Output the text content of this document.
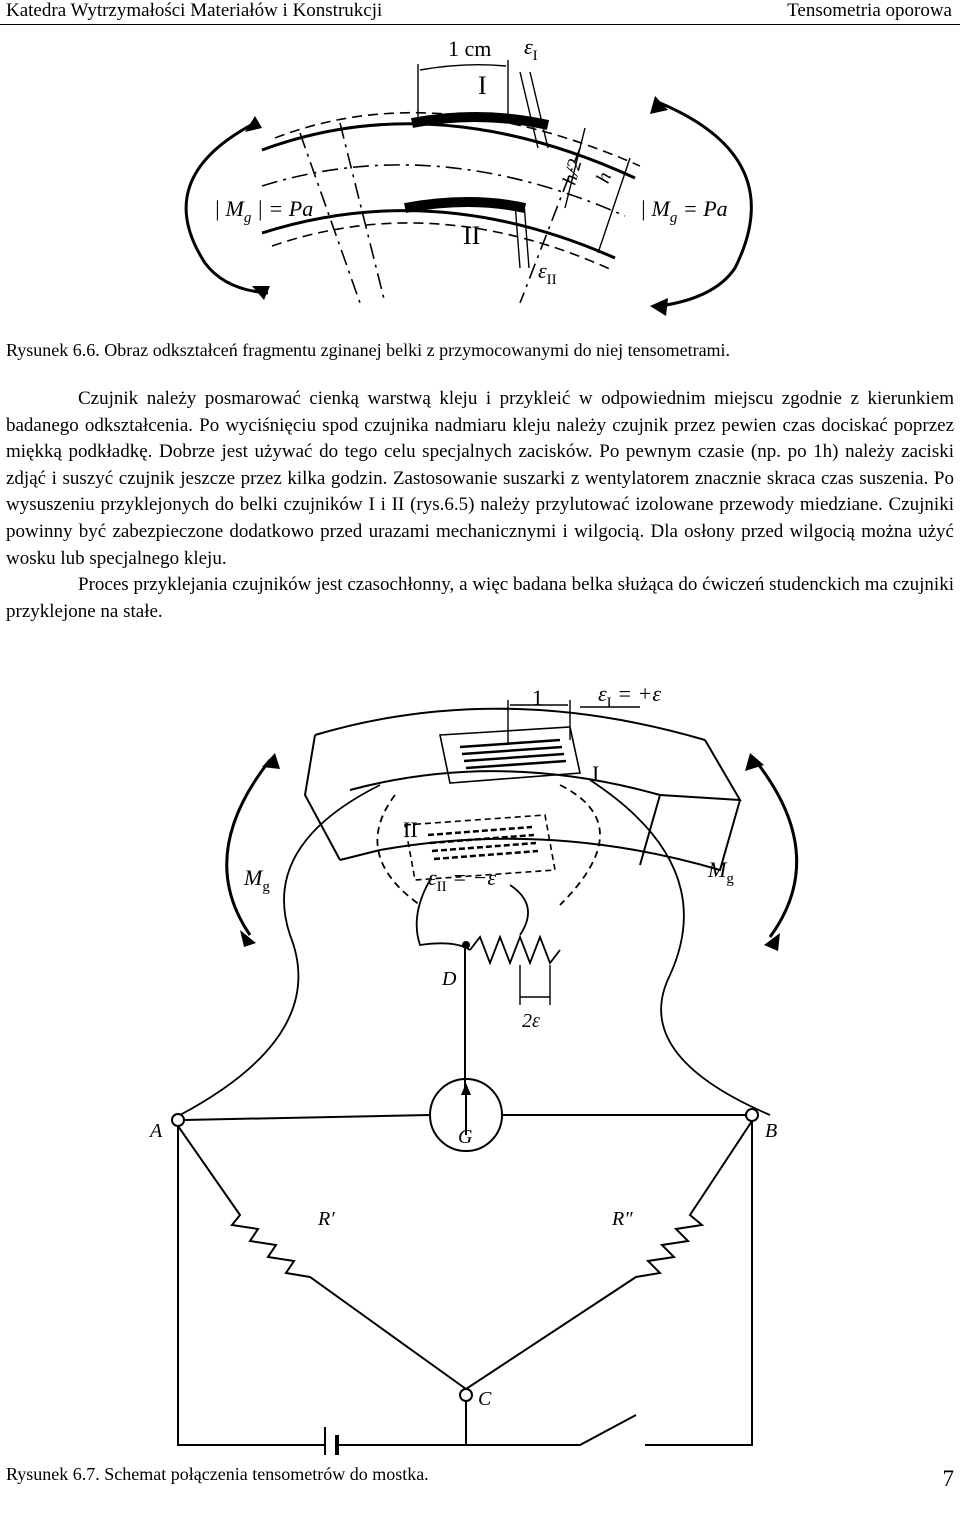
Katedra Wytrzymałości Materiałów i Konstrukcji	Tensometria oporowa
1 cm $\varepsilon_I$
I
II
h/2 h
$\varepsilon_{II}$
| $M_g$ | = Pa	| $M_g = Pa$
Rysunek 6.6. Obraz odkształceń fragmentu zginanej belki z przymocowanymi do niej tensometrami.

Czujnik należy posmarować cienką warstwą kleju i przykleić w odpowiednim miejscu zgodnie z kierunkiem badanego odkształcenia. Po wyciśnięciu spod czujnika nadmiaru kleju należy czujnik przez pewien czas dociskać poprzez miękką podkładkę. Dobrze jest używać do tego celu specjalnych zacisków. Po pewnym czasie (np. po 1h) należy zaciski zdjąć i suszyć czujnik jeszcze przez kilka godzin. Zastosowanie suszarki z wentylatorem znacznie skraca czas suszenia. Po wysuszeniu przyklejonych do belki czujników I i II (rys.6.5) należy przylutować izolowane przewody miedziane. Czujniki powinny być zabezpieczone dodatkowo przed urazami mechanicznymi i wilgocią. Dla osłony przed wilgocią można użyć wosku lub specjalnego kleju.

Proces przyklejania czujników jest czasochłonny, a więc badana belka służąca do ćwiczeń studenckich ma czujniki przyklejone na stałe.

1	$\varepsilon_I = +\varepsilon$
I
II
$M_g$
$M_g$
$\varepsilon_{II} = -\varepsilon$
D
2ε
A	B
G
R′	R″
C
Rysunek 6.7. Schemat połączenia tensometrów do mostka.	7
